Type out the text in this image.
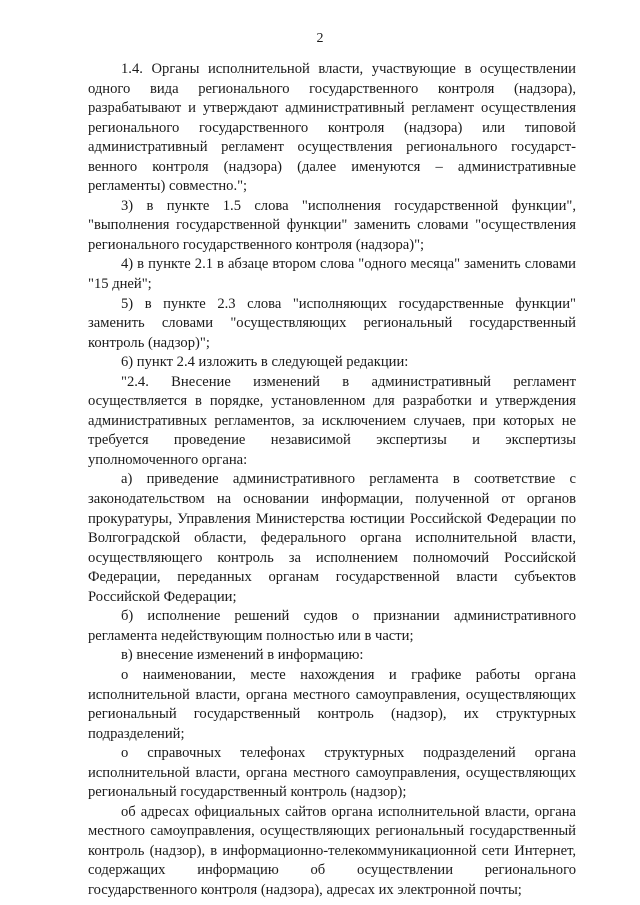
2

1.4. Органы исполнительной власти, участвующие в осуществлении одного вида регионального государственного контроля (надзора), разрабатывают и утверждают административный регламент осуществления регионального государственного контроля (надзора) или типовой административный регламент осуществления регионального государственного контроля (надзора) (далее именуются – административные регламенты) совместно.";

3) в пункте 1.5 слова "исполнения государственной функции", "выполнения государственной функции" заменить словами "осуществления регионального государственного контроля (надзора)";

4) в пункте 2.1 в абзаце втором слова "одного месяца" заменить словами "15 дней";

5) в пункте 2.3 слова "исполняющих государственные функции" заменить словами "осуществляющих региональный государственный контроль (надзор)";

6) пункт 2.4 изложить в следующей редакции:

"2.4. Внесение изменений в административный регламент осуществляется в порядке, установленном для разработки и утверждения административных регламентов, за исключением случаев, при которых не требуется проведение независимой экспертизы и экспертизы уполномоченного органа:

а) приведение административного регламента в соответствие с законодательством на основании информации, полученной от органов прокуратуры, Управления Министерства юстиции Российской Федерации по Волгоградской области, федерального органа исполнительной власти, осуществляющего контроль за исполнением полномочий Российской Федерации, переданных органам государственной власти субъектов Российской Федерации;

б) исполнение решений судов о признании административного регламента недействующим полностью или в части;

в) внесение изменений в информацию:

о наименовании, месте нахождения и графике работы органа исполнительной власти, органа местного самоуправления, осуществляющих региональный государственный контроль (надзор), их структурных подразделений;

о справочных телефонах структурных подразделений органа исполнительной власти, органа местного самоуправления, осуществляющих региональный государственный контроль (надзор);

об адресах официальных сайтов органа исполнительной власти, органа местного самоуправления, осуществляющих региональный государственный контроль (надзор), в информационно-телекоммуникационной сети Интернет, содержащих информацию об осуществлении регионального государственного контроля (надзора), адресах их электронной почты;
